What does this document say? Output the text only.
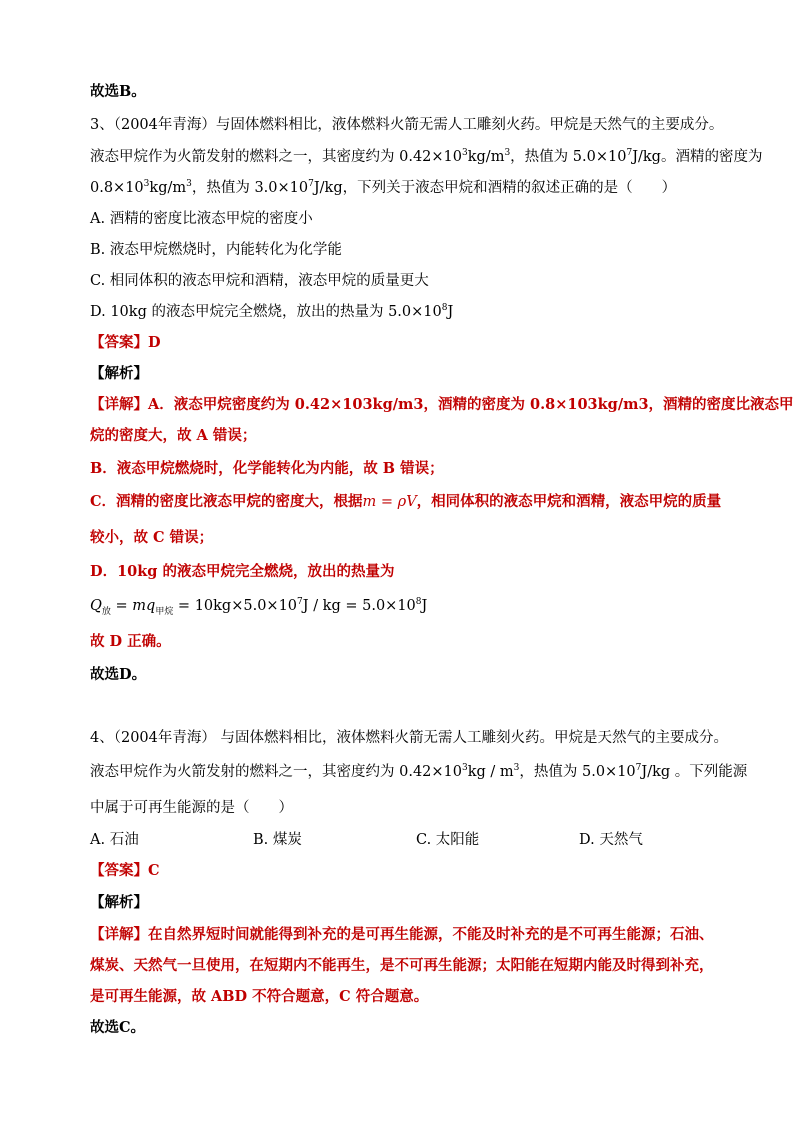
故选B。
3、（2004年青海）与固体燃料相比，液体燃料火箭无需人工雕刻火药。甲烷是天然气的主要成分。
液态甲烷作为火箭发射的燃料之一，其密度约为 $0.42\times 10^3kg/m^3$，热值为 $5.0\times 10^7J/kg$。酒精的密度为
$0.8\times 10^3kg/m^3$，热值为 $3.0\times 10^7J/kg$，下列关于液态甲烷和酒精的叙述正确的是（　　）
A. 酒精的密度比液态甲烷的密度小
B. 液态甲烷燃烧时，内能转化为化学能
C. 相同体积的液态甲烷和酒精，液态甲烷的质量更大
D. 10kg 的液态甲烷完全燃烧，放出的热量为 $5.0\times 10^8J$
【答案】D
【解析】
【详解】A．液态甲烷密度约为 0.42×103kg/m3，酒精的密度为 0.8×103kg/m3，酒精的密度比液态甲
烷的密度大，故 A 错误；
B．液态甲烷燃烧时，化学能转化为内能，故 B 错误；
C．酒精的密度比液态甲烷的密度大，根据m = ρV，相同体积的液态甲烷和酒精，液态甲烷的质量
较小，故 C 错误；
D．10kg 的液态甲烷完全燃烧，放出的热量为
$Q_放 = mq_{甲烷} = 10kg\times 5.0\times 10^7J$ / kg = $5.0\times 10^8J$
故 D 正确。
故选D。
4、（2004年青海） 与固体燃料相比，液体燃料火箭无需人工雕刻火药。甲烷是天然气的主要成分。
液态甲烷作为火箭发射的燃料之一，其密度约为 $0.42\times 10^3kg / m^3$，热值为 $5.0\times 10^7J/kg$ 。下列能源
中属于可再生能源的是（　　）
A. 石油	B. 煤炭	C. 太阳能	D. 天然气
【答案】C
【解析】
【详解】在自然界短时间就能得到补充的是可再生能源，不能及时补充的是不可再生能源；石油、
煤炭、天然气一旦使用，在短期内不能再生，是不可再生能源；太阳能在短期内能及时得到补充，
是可再生能源，故 ABD 不符合题意，C 符合题意。
故选C。
